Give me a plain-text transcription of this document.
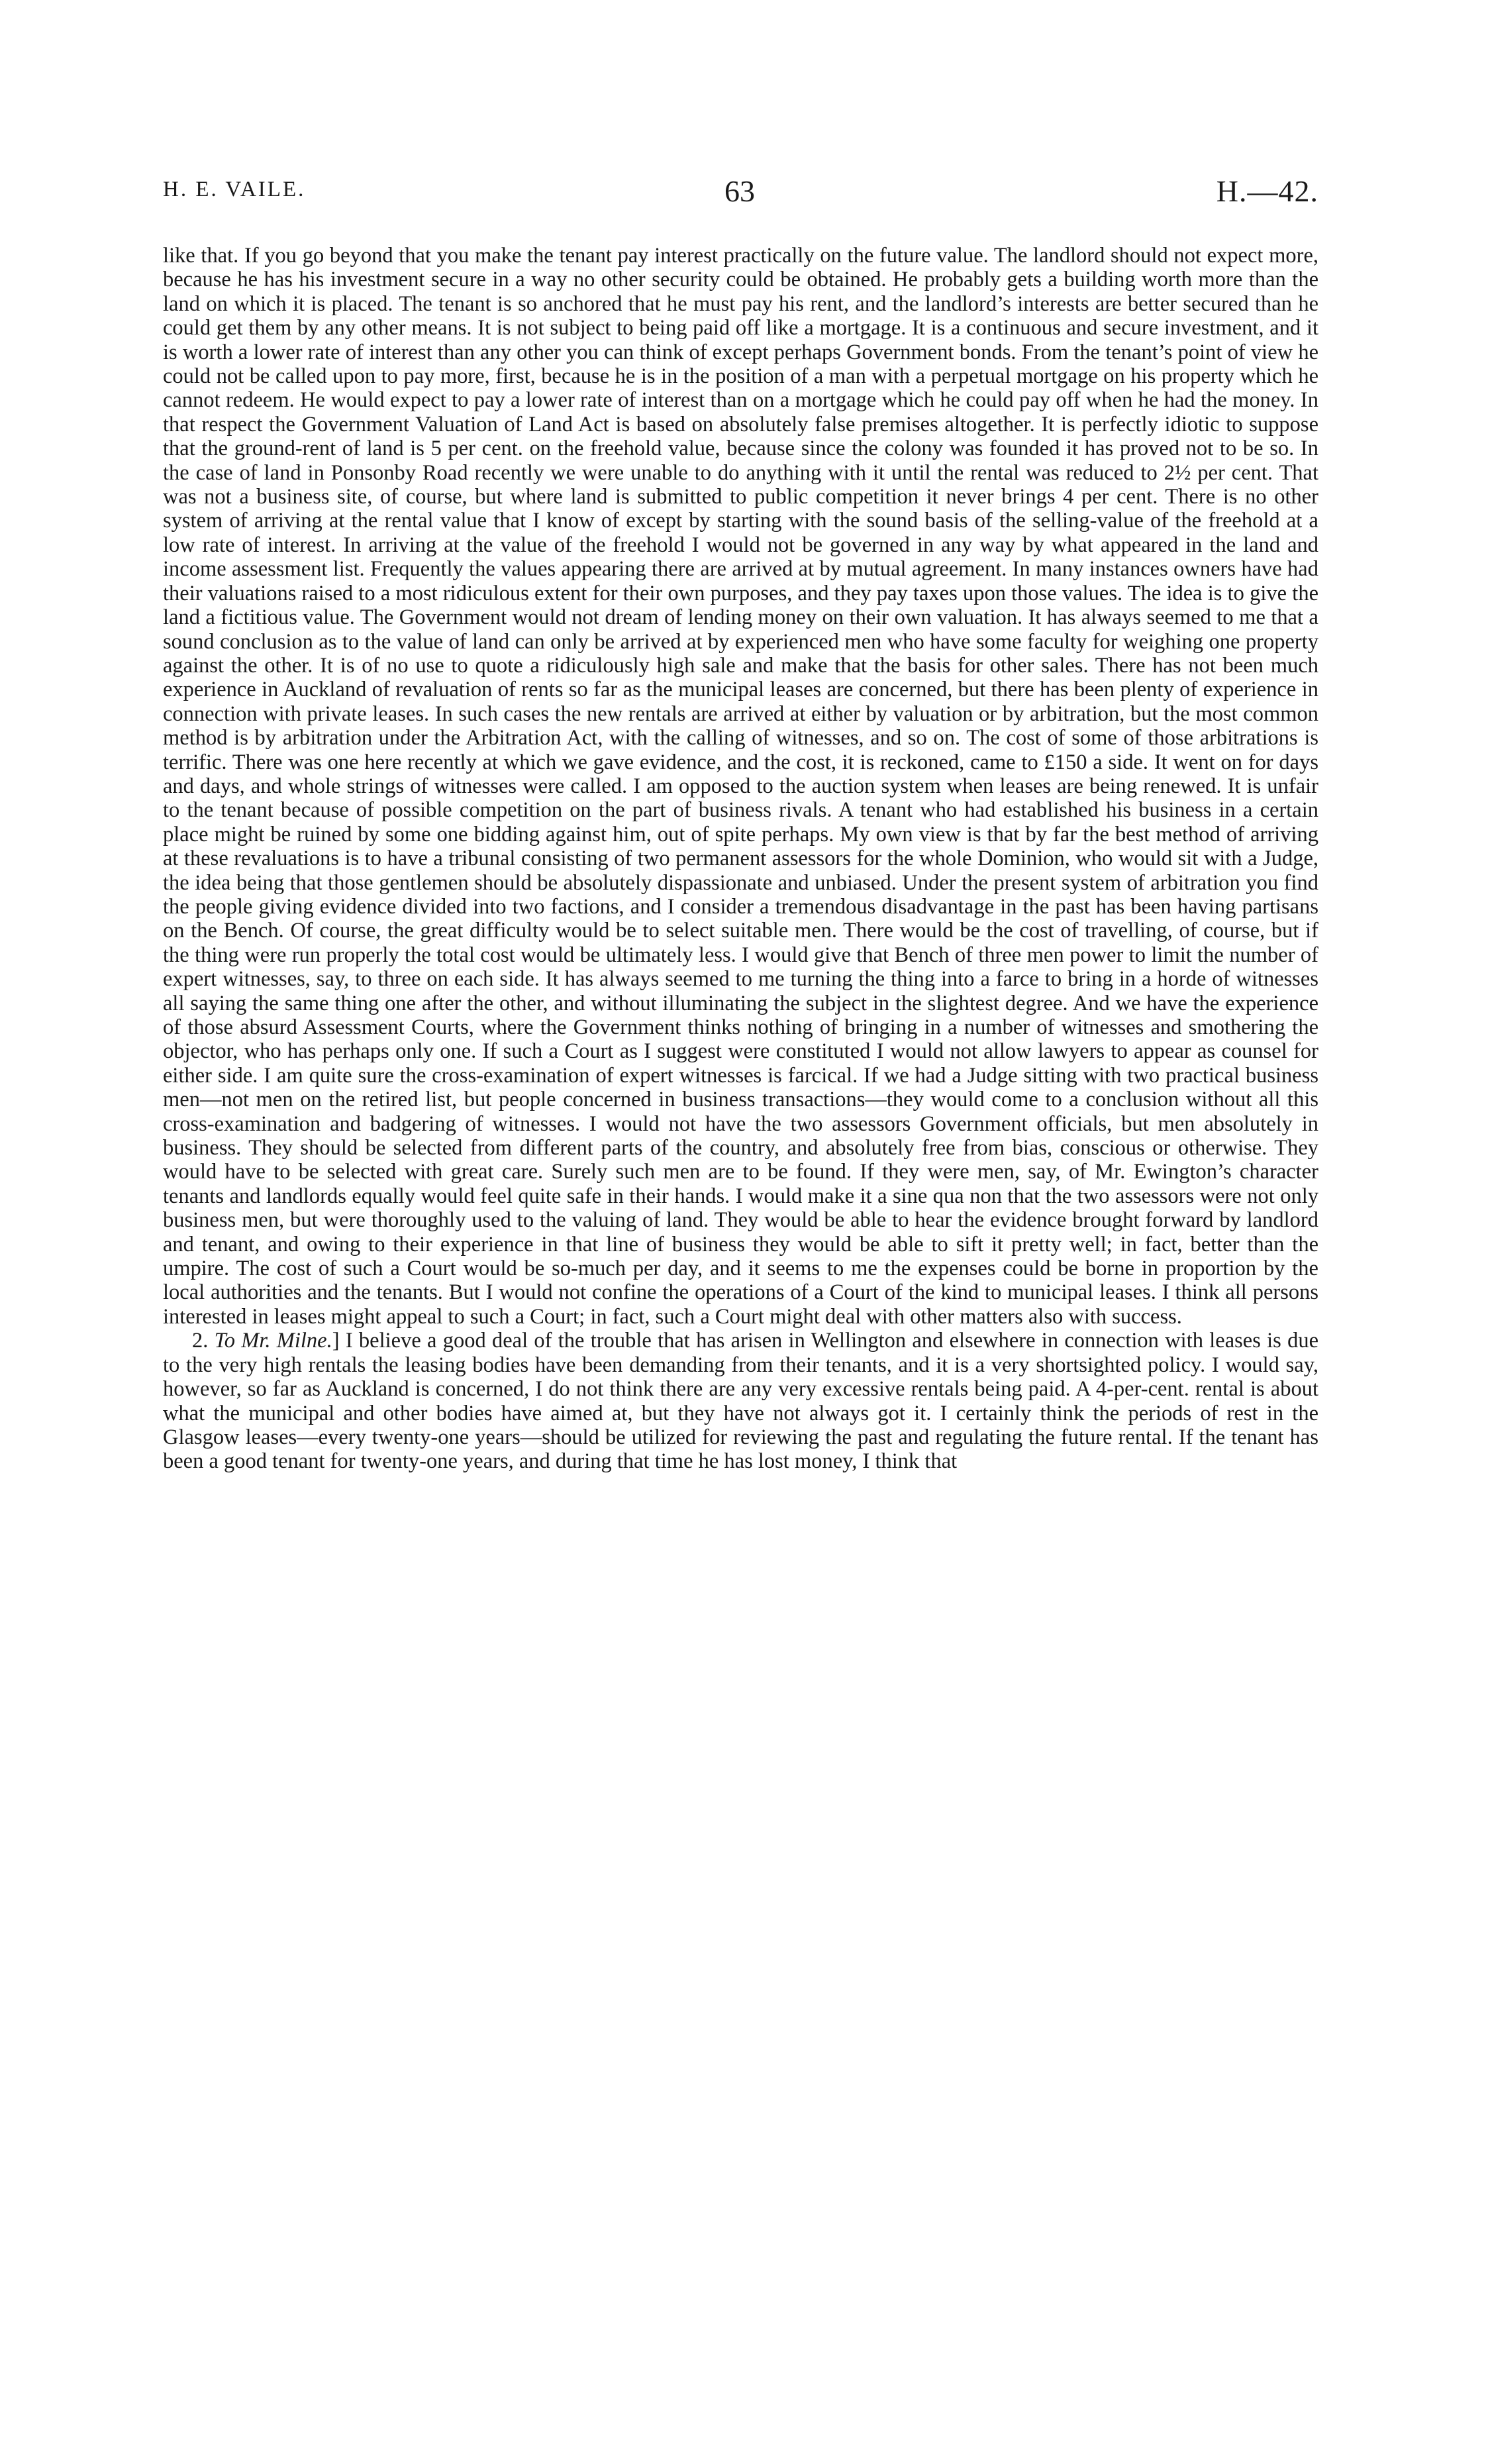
H. E. VAILE.	63	H.—42.

like that. If you go beyond that you make the tenant pay interest practically on the future value. The landlord should not expect more, because he has his investment secure in a way no other security could be obtained. He probably gets a building worth more than the land on which it is placed. The tenant is so anchored that he must pay his rent, and the landlord’s interests are better secured than he could get them by any other means. It is not subject to being paid off like a mortgage. It is a continuous and secure investment, and it is worth a lower rate of interest than any other you can think of except perhaps Government bonds. From the tenant’s point of view he could not be called upon to pay more, first, because he is in the position of a man with a perpetual mortgage on his property which he cannot redeem. He would expect to pay a lower rate of interest than on a mortgage which he could pay off when he had the money. In that respect the Government Valuation of Land Act is based on absolutely false premises altogether. It is perfectly idiotic to suppose that the ground-rent of land is 5 per cent. on the freehold value, because since the colony was founded it has proved not to be so. In the case of land in Ponsonby Road recently we were unable to do anything with it until the rental was reduced to 2½ per cent. That was not a business site, of course, but where land is submitted to public competition it never brings 4 per cent. There is no other system of arriving at the rental value that I know of except by starting with the sound basis of the selling-value of the freehold at a low rate of interest. In arriving at the value of the freehold I would not be governed in any way by what appeared in the land and income assessment list. Frequently the values appearing there are arrived at by mutual agreement. In many instances owners have had their valuations raised to a most ridiculous extent for their own purposes, and they pay taxes upon those values. The idea is to give the land a fictitious value. The Government would not dream of lending money on their own valuation. It has always seemed to me that a sound conclusion as to the value of land can only be arrived at by experienced men who have some faculty for weighing one property against the other. It is of no use to quote a ridiculously high sale and make that the basis for other sales. There has not been much experience in Auckland of revaluation of rents so far as the municipal leases are concerned, but there has been plenty of experience in connection with private leases. In such cases the new rentals are arrived at either by valuation or by arbitration, but the most common method is by arbitration under the Arbitration Act, with the calling of witnesses, and so on. The cost of some of those arbitrations is terrific. There was one here recently at which we gave evidence, and the cost, it is reckoned, came to £150 a side. It went on for days and days, and whole strings of witnesses were called. I am opposed to the auction system when leases are being renewed. It is unfair to the tenant because of possible competition on the part of business rivals. A tenant who had established his business in a certain place might be ruined by some one bidding against him, out of spite perhaps. My own view is that by far the best method of arriving at these revaluations is to have a tribunal consisting of two permanent assessors for the whole Dominion, who would sit with a Judge, the idea being that those gentlemen should be absolutely dispassionate and unbiased. Under the present system of arbitration you find the people giving evidence divided into two factions, and I consider a tremendous disadvantage in the past has been having partisans on the Bench. Of course, the great difficulty would be to select suitable men. There would be the cost of travelling, of course, but if the thing were run properly the total cost would be ultimately less. I would give that Bench of three men power to limit the number of expert witnesses, say, to three on each side. It has always seemed to me turning the thing into a farce to bring in a horde of witnesses all saying the same thing one after the other, and without illuminating the subject in the slightest degree. And we have the experience of those absurd Assessment Courts, where the Government thinks nothing of bringing in a number of witnesses and smothering the objector, who has perhaps only one. If such a Court as I suggest were constituted I would not allow lawyers to appear as counsel for either side. I am quite sure the cross-examination of expert witnesses is farcical. If we had a Judge sitting with two practical business men—not men on the retired list, but people concerned in business transactions—they would come to a conclusion without all this cross-examination and badgering of witnesses. I would not have the two assessors Government officials, but men absolutely in business. They should be selected from different parts of the country, and absolutely free from bias, conscious or otherwise. They would have to be selected with great care. Surely such men are to be found. If they were men, say, of Mr. Ewington’s character tenants and landlords equally would feel quite safe in their hands. I would make it a sine qua non that the two assessors were not only business men, but were thoroughly used to the valuing of land. They would be able to hear the evidence brought forward by landlord and tenant, and owing to their experience in that line of business they would be able to sift it pretty well; in fact, better than the umpire. The cost of such a Court would be so-much per day, and it seems to me the expenses could be borne in proportion by the local authorities and the tenants. But I would not confine the operations of a Court of the kind to municipal leases. I think all persons interested in leases might appeal to such a Court; in fact, such a Court might deal with other matters also with success.

2. To Mr. Milne.] I believe a good deal of the trouble that has arisen in Wellington and elsewhere in connection with leases is due to the very high rentals the leasing bodies have been demanding from their tenants, and it is a very shortsighted policy. I would say, however, so far as Auckland is concerned, I do not think there are any very excessive rentals being paid. A 4-per-cent. rental is about what the municipal and other bodies have aimed at, but they have not always got it. I certainly think the periods of rest in the Glasgow leases—every twenty-one years—should be utilized for reviewing the past and regulating the future rental. If the tenant has been a good tenant for twenty-one years, and during that time he has lost money, I think that
